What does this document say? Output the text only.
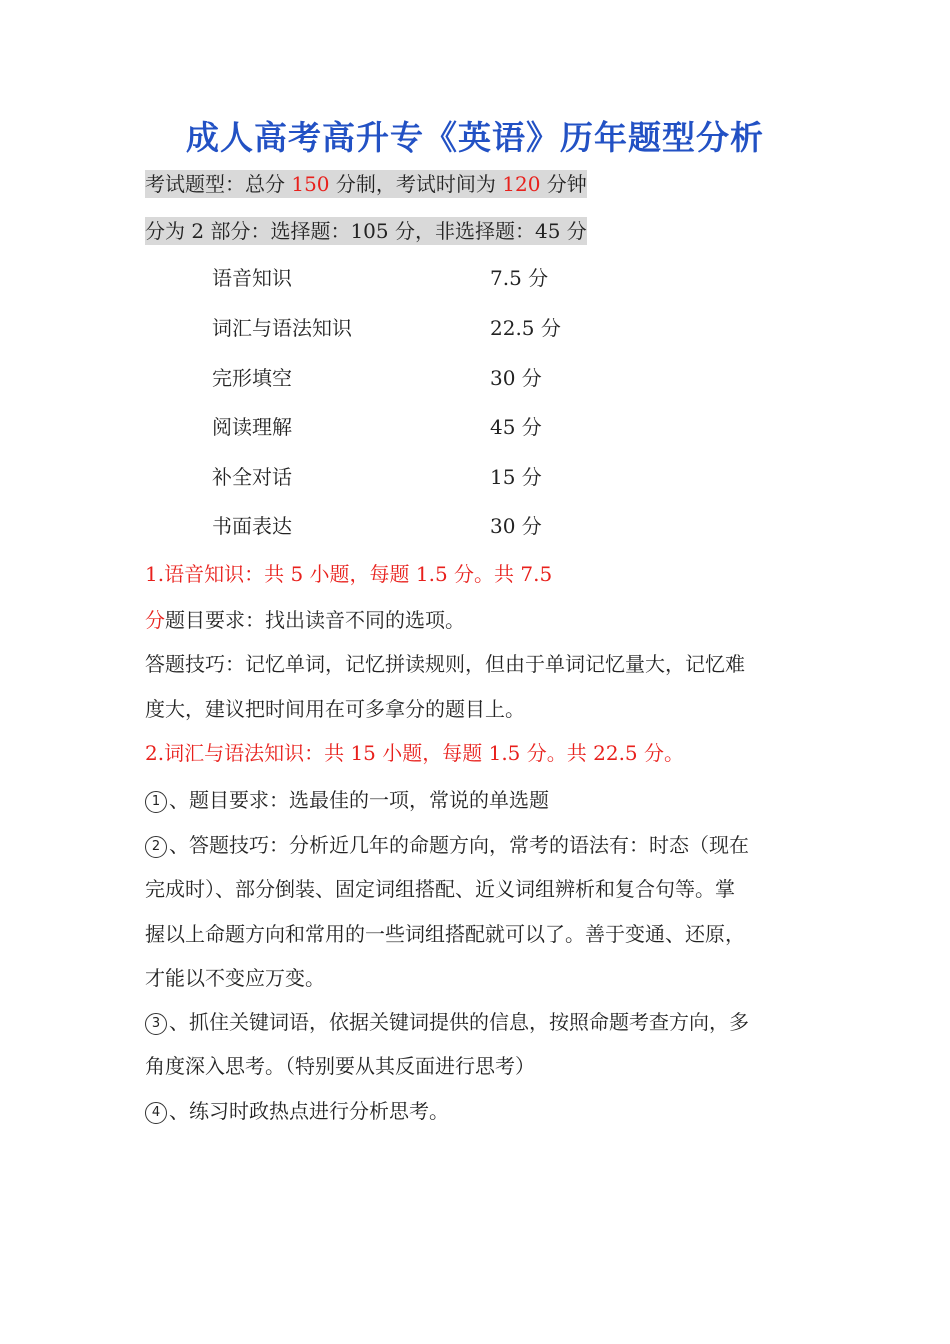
成人高考高升专《英语》历年题型分析
考试题型：总分 150 分制，考试时间为 120 分钟
分为 2 部分：选择题：105 分，非选择题：45 分
语音知识	7.5 分
词汇与语法知识	22.5 分
完形填空	30 分
阅读理解	45 分
补全对话	15 分
书面表达	30 分
1.语音知识：共 5 小题，每题 1.5 分。共 7.5
分题目要求：找出读音不同的选项。
答题技巧：记忆单词，记忆拼读规则，但由于单词记忆量大，记忆难
度大，建议把时间用在可多拿分的题目上。
2.词汇与语法知识：共 15 小题，每题 1.5 分。共 22.5 分。
1 、题目要求：选最佳的一项，常说的单选题
2 、答题技巧：分析近几年的命题方向，常考的语法有：时态（现在
完成时）、部分倒装、固定词组搭配、近义词组辨析和复合句等。掌
握以上命题方向和常用的一些词组搭配就可以了。善于变通、还原，
才能以不变应万变。
3 、抓住关键词语，依据关键词提供的信息，按照命题考查方向，多
角度深入思考。（特别要从其反面进行思考）
4 、练习时政热点进行分析思考。
